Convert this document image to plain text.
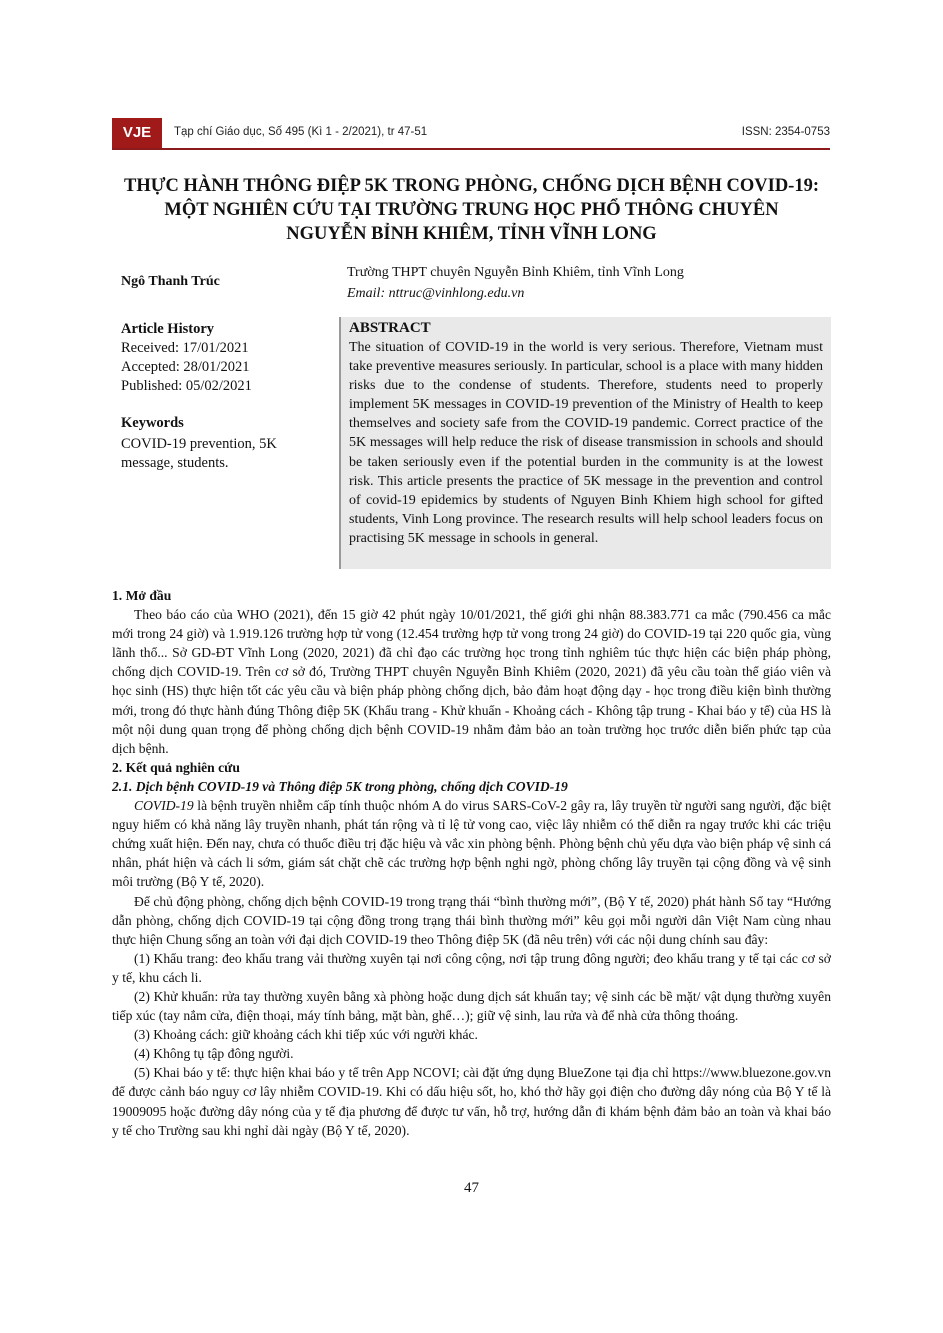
VJE	Tạp chí Giáo dục, Số 495 (Kì 1 - 2/2021), tr 47-51	ISSN: 2354-0753
THỰC HÀNH THÔNG ĐIỆP 5K TRONG PHÒNG, CHỐNG DỊCH BỆNH COVID-19:
MỘT NGHIÊN CỨU TẠI TRƯỜNG TRUNG HỌC PHỔ THÔNG CHUYÊN
NGUYỄN BỈNH KHIÊM, TỈNH VĨNH LONG
Ngô Thanh Trúc
Trường THPT chuyên Nguyễn Bỉnh Khiêm, tỉnh Vĩnh Long
Email: nttruc@vinhlong.edu.vn
Article History
Received: 17/01/2021
Accepted: 28/01/2021
Published: 05/02/2021
Keywords
COVID-19 prevention, 5K message, students.
ABSTRACT
The situation of COVID-19 in the world is very serious. Therefore, Vietnam must take preventive measures seriously. In particular, school is a place with many hidden risks due to the condense of students. Therefore, students need to properly implement 5K messages in COVID-19 prevention of the Ministry of Health to keep themselves and society safe from the COVID-19 pandemic. Correct practice of the 5K messages will help reduce the risk of disease transmission in schools and should be taken seriously even if the potential burden in the community is at the lowest risk. This article presents the practice of 5K message in the prevention and control of covid-19 epidemics by students of Nguyen Binh Khiem high school for gifted students, Vinh Long province. The research results will help school leaders focus on practising 5K message in schools in general.

1. Mở đầu

Theo báo cáo của WHO (2021), đến 15 giờ 42 phút ngày 10/01/2021, thế giới ghi nhận 88.383.771 ca mắc (790.456 ca mắc mới trong 24 giờ) và 1.919.126 trường hợp tử vong (12.454 trường hợp tử vong trong 24 giờ) do COVID-19 tại 220 quốc gia, vùng lãnh thổ... Sở GD-ĐT Vĩnh Long (2020, 2021) đã chỉ đạo các trường học trong tỉnh nghiêm túc thực hiện các biện pháp phòng, chống dịch COVID-19. Trên cơ sở đó, Trường THPT chuyên Nguyễn Bỉnh Khiêm (2020, 2021) đã yêu cầu toàn thể giáo viên và học sinh (HS) thực hiện tốt các yêu cầu và biện pháp phòng chống dịch, bảo đảm hoạt động dạy - học trong điều kiện bình thường mới, trong đó thực hành đúng Thông điệp 5K (Khẩu trang - Khử khuẩn - Khoảng cách - Không tập trung - Khai báo y tế) của HS là một nội dung quan trọng để phòng chống dịch bệnh COVID-19 nhằm đảm bảo an toàn trường học trước diễn biến phức tạp của dịch bệnh.

2. Kết quả nghiên cứu

2.1. Dịch bệnh COVID-19 và Thông điệp 5K trong phòng, chống dịch COVID-19

COVID-19 là bệnh truyền nhiễm cấp tính thuộc nhóm A do virus SARS-CoV-2 gây ra, lây truyền từ người sang người, đặc biệt nguy hiểm có khả năng lây truyền nhanh, phát tán rộng và tỉ lệ tử vong cao, việc lây nhiễm có thể diễn ra ngay trước khi các triệu chứng xuất hiện. Đến nay, chưa có thuốc điều trị đặc hiệu và vắc xin phòng bệnh. Phòng bệnh chủ yếu dựa vào biện pháp vệ sinh cá nhân, phát hiện và cách li sớm, giám sát chặt chẽ các trường hợp bệnh nghi ngờ, phòng chống lây truyền tại cộng đồng và vệ sinh môi trường (Bộ Y tế, 2020).

Để chủ động phòng, chống dịch bệnh COVID-19 trong trạng thái “bình thường mới”, (Bộ Y tế, 2020) phát hành Sổ tay “Hướng dẫn phòng, chống dịch COVID-19 tại cộng đồng trong trạng thái bình thường mới” kêu gọi mỗi người dân Việt Nam cùng nhau thực hiện Chung sống an toàn với đại dịch COVID-19 theo Thông điệp 5K (đã nêu trên) với các nội dung chính sau đây:

(1) Khẩu trang: đeo khẩu trang vải thường xuyên tại nơi công cộng, nơi tập trung đông người; đeo khẩu trang y tế tại các cơ sở y tế, khu cách li.

(2) Khử khuẩn: rửa tay thường xuyên bằng xà phòng hoặc dung dịch sát khuẩn tay; vệ sinh các bề mặt/ vật dụng thường xuyên tiếp xúc (tay nắm cửa, điện thoại, máy tính bảng, mặt bàn, ghế…); giữ vệ sinh, lau rửa và để nhà cửa thông thoáng.

(3) Khoảng cách: giữ khoảng cách khi tiếp xúc với người khác.

(4) Không tụ tập đông người.

(5) Khai báo y tế: thực hiện khai báo y tế trên App NCOVI; cài đặt ứng dụng BlueZone tại địa chỉ https://www.bluezone.gov.vn để được cảnh báo nguy cơ lây nhiễm COVID-19. Khi có dấu hiệu sốt, ho, khó thở hãy gọi điện cho đường dây nóng của Bộ Y tế là 19009095 hoặc đường dây nóng của y tế địa phương để được tư vấn, hỗ trợ, hướng dẫn đi khám bệnh đảm bảo an toàn và khai báo y tế cho Trường sau khi nghỉ dài ngày (Bộ Y tế, 2020).

47
